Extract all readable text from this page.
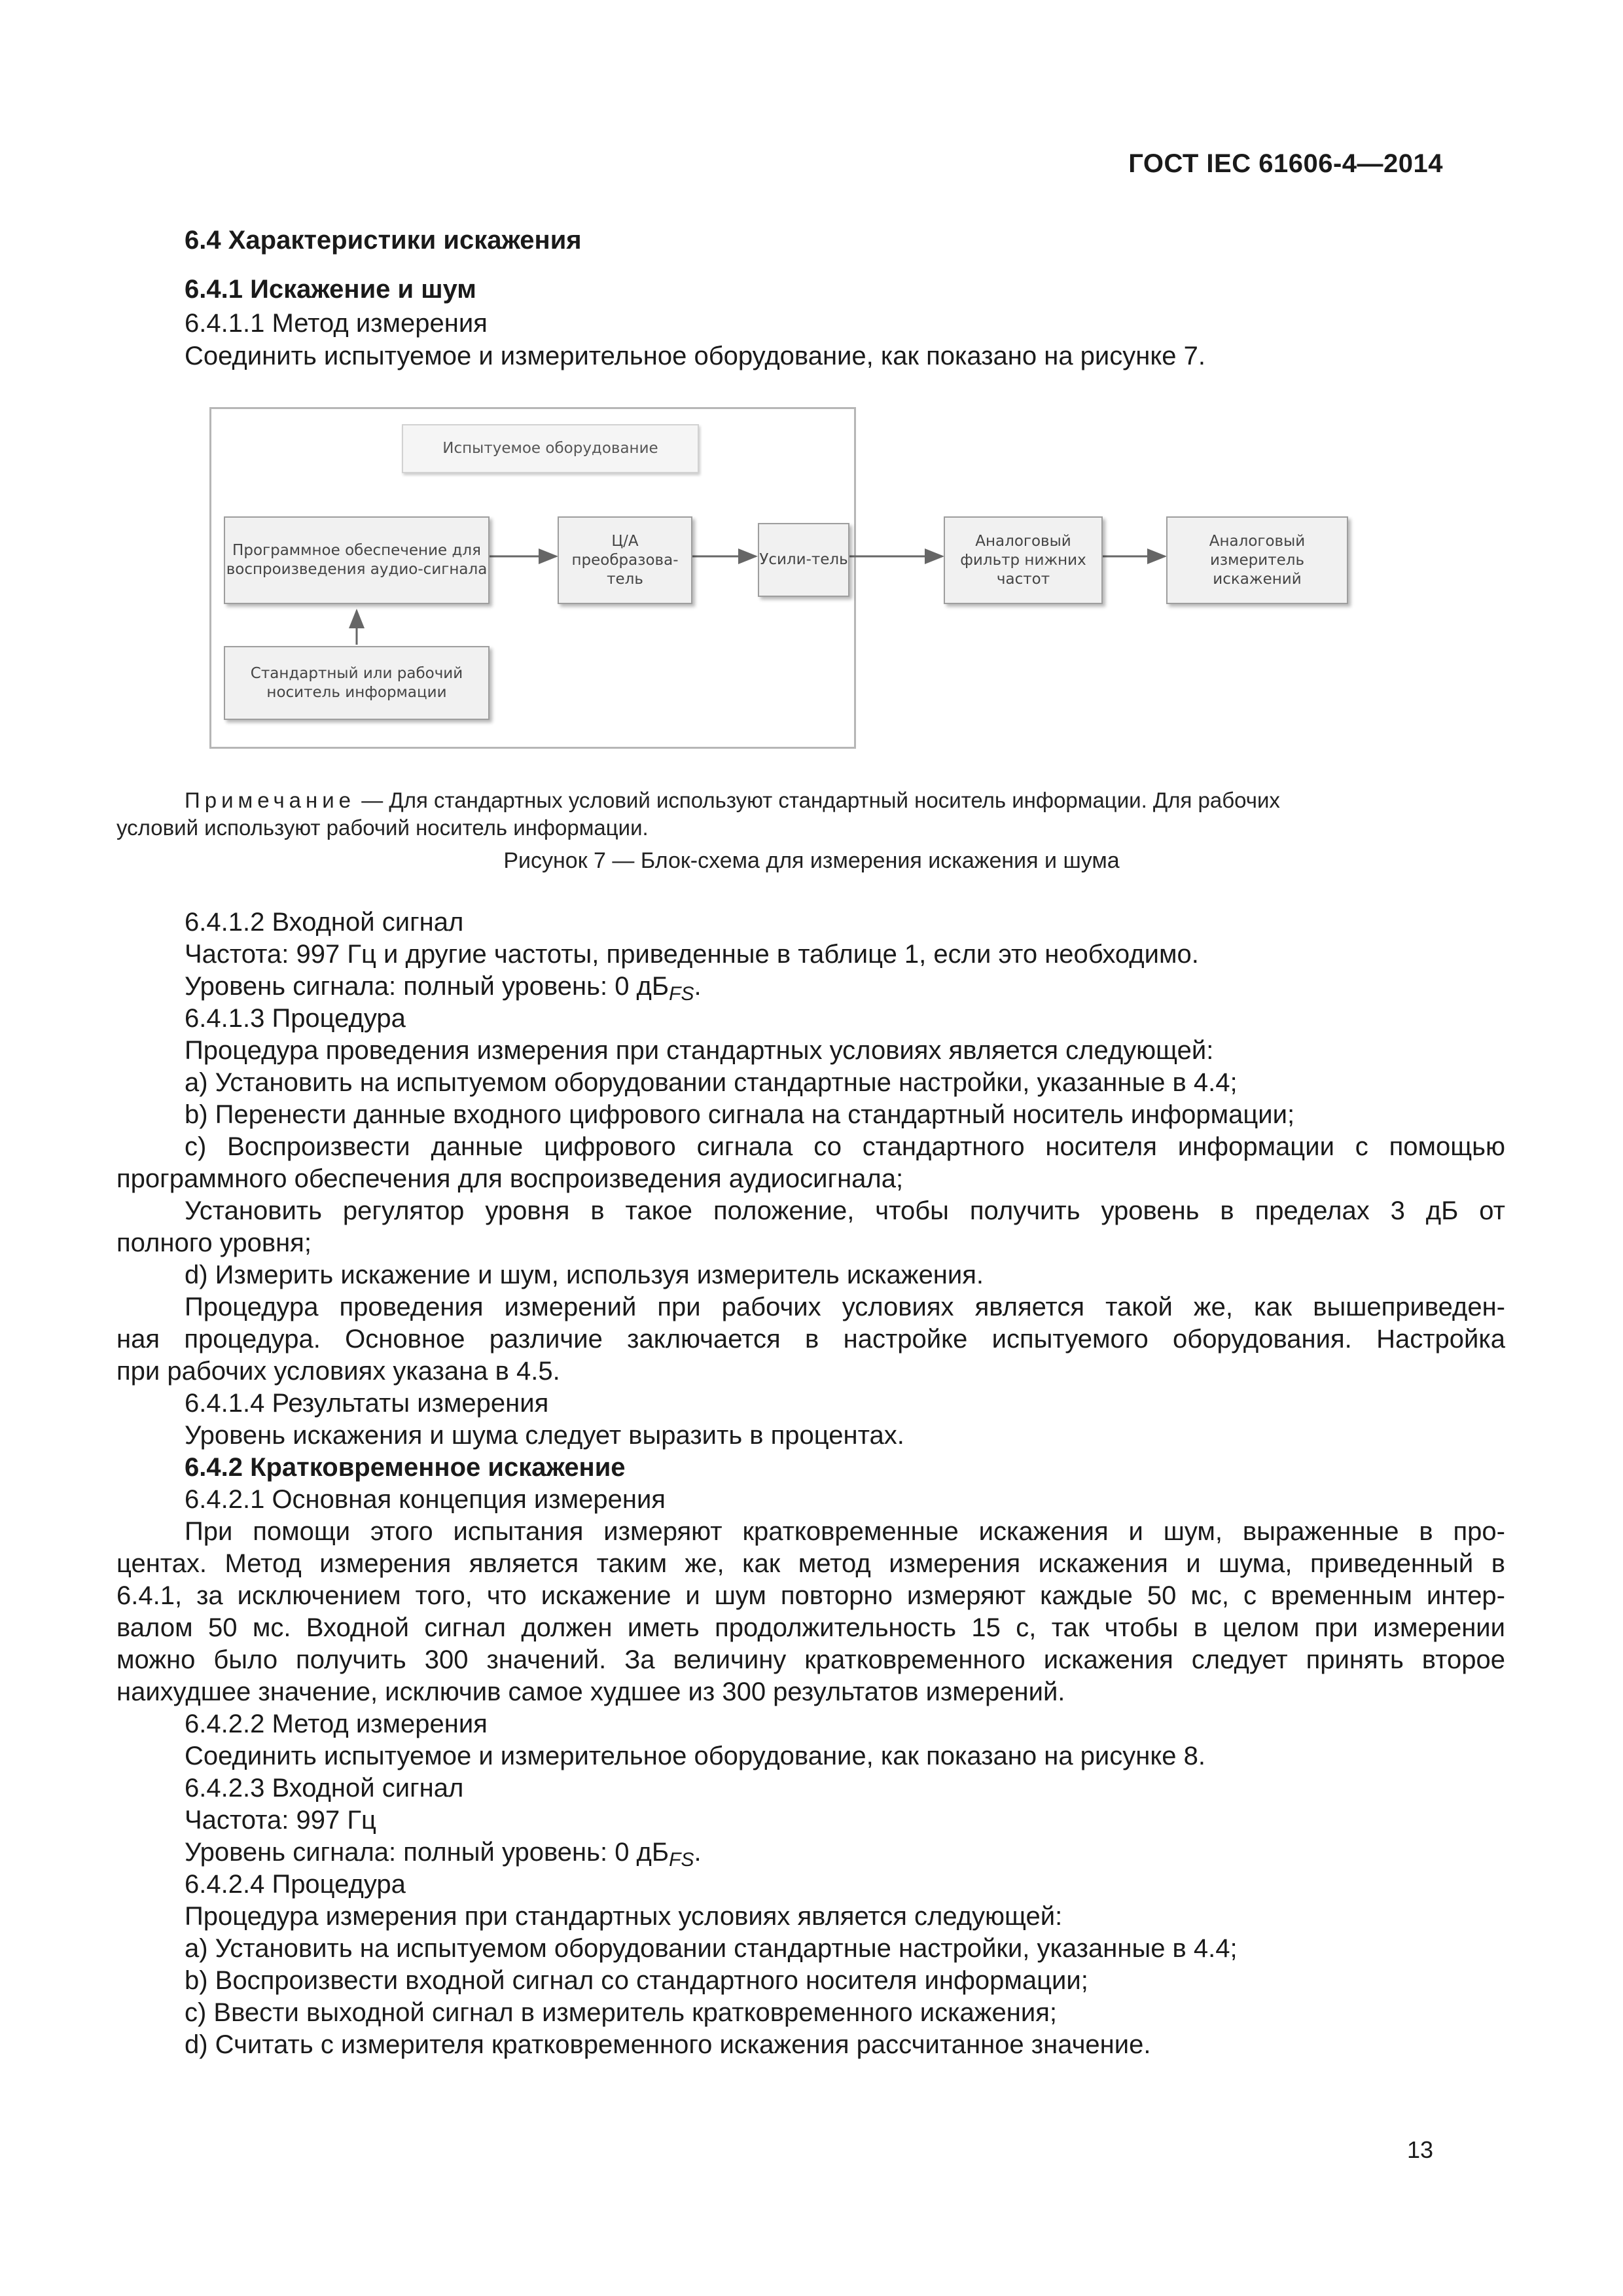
ГОСТ IEC 61606-4—2014
6.4 Характеристики искажения
6.4.1 Искажение и шум
6.4.1.1 Метод измерения
Соединить испытуемое и измерительное оборудование, как показано на рисунке 7.
Испытуемое оборудование
Программное обеспечение для воспроизведения аудио-сигнала
Ц/А преобразова-тель
Усили-тель
Аналоговый фильтр нижних частот
Аналоговый измеритель искажений
Стандартный или рабочий носитель информации
Примечание — Для стандартных условий используют стандартный носитель информации. Для рабочих
условий используют рабочий носитель информации.
Рисунок 7 — Блок-схема для измерения искажения и шума
6.4.1.2 Входной сигнал
Частота: 997 Гц и другие частоты, приведенные в таблице 1, если это необходимо.
Уровень сигнала: полный уровень: 0 $дБ_{FS}$.
6.4.1.3 Процедура
Процедура проведения измерения при стандартных условиях является следующей:
a) Установить на испытуемом оборудовании стандартные настройки, указанные в 4.4;
b) Перенести данные входного цифрового сигнала на стандартный носитель информации;
c) Воспроизвести данные цифрового сигнала со стандартного носителя информации с помощью
программного обеспечения для воспроизведения аудиосигнала;
Установить регулятор уровня в такое положение, чтобы получить уровень в пределах 3 дБ от
полного уровня;
d) Измерить искажение и шум, используя измеритель искажения.
Процедура проведения измерений при рабочих условиях является такой же, как вышеприведен-
ная процедура. Основное различие заключается в настройке испытуемого оборудования. Настройка
при рабочих условиях указана в 4.5.
6.4.1.4 Результаты измерения
Уровень искажения и шума следует выразить в процентах.
6.4.2 Кратковременное искажение
6.4.2.1 Основная концепция измерения
При помощи этого испытания измеряют кратковременные искажения и шум, выраженные в про-
центах. Метод измерения является таким же, как метод измерения искажения и шума, приведенный в
6.4.1, за исключением того, что искажение и шум повторно измеряют каждые 50 мс, с временным интер-
валом 50 мс. Входной сигнал должен иметь продолжительность 15 с, так чтобы в целом при измерении
можно было получить 300 значений. За величину кратковременного искажения следует принять второе
наихудшее значение, исключив самое худшее из 300 результатов измерений.
6.4.2.2 Метод измерения
Соединить испытуемое и измерительное оборудование, как показано на рисунке 8.
6.4.2.3 Входной сигнал
Частота: 997 Гц
Уровень сигнала: полный уровень: 0 $дБ_{FS}$.
6.4.2.4 Процедура
Процедура измерения при стандартных условиях является следующей:
a) Установить на испытуемом оборудовании стандартные настройки, указанные в 4.4;
b) Воспроизвести входной сигнал со стандартного носителя информации;
c) Ввести выходной сигнал в измеритель кратковременного искажения;
d) Считать с измерителя кратковременного искажения рассчитанное значение.
13
